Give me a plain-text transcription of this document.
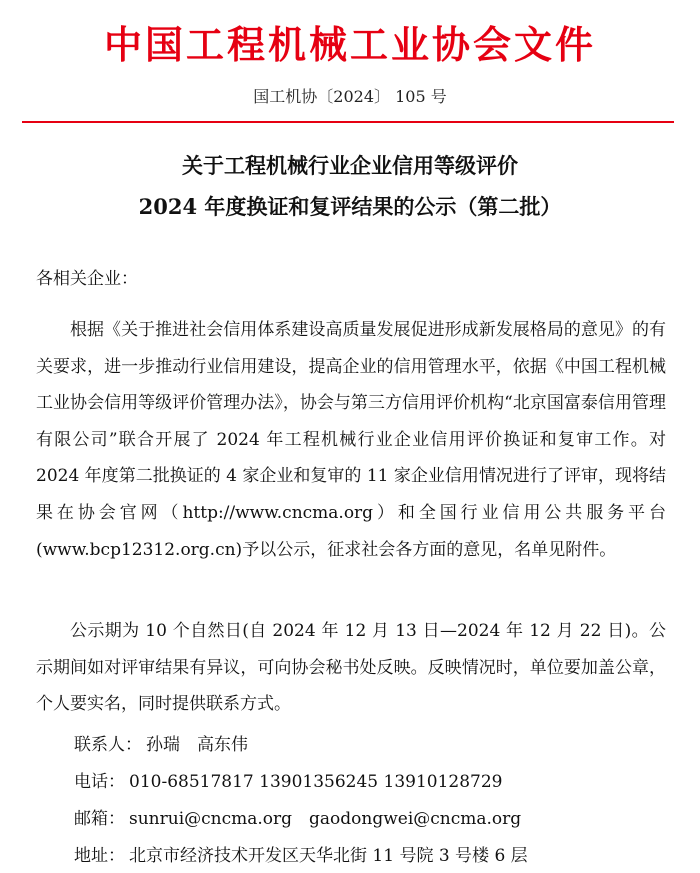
中国工程机械工业协会文件
国工机协〔2024〕 105 号
关于工程机械行业企业信用等级评价
2024 年度换证和复评结果的公示（第二批）
各相关企业：
根据《关于推进社会信用体系建设高质量发展促进形成新发展格局的意见》的有关要求，进一步推动行业信用建设，提高企业的信用管理水平，依据《中国工程机械工业协会信用等级评价管理办法》，协会与第三方信用评价机构“北京国富泰信用管理有限公司”联合开展了 2024 年工程机械行业企业信用评价换证和复审工作。对 2024 年度第二批换证的 4 家企业和复审的 11 家企业信用情况进行了评审，现将结果在协会官网（http://www.cncma.org）和全国行业信用公共服务平台(www.bcp12312.org.cn)予以公示，征求社会各方面的意见，名单见附件。
公示期为 10 个自然日(自 2024 年 12 月 13 日—2024 年 12 月 22 日)。公示期间如对评审结果有异议，可向协会秘书处反映。反映情况时，单位要加盖公章，个人要实名，同时提供联系方式。
联系人： 孙瑞　高东伟
电话： 010-68517817 13901356245 13910128729
邮箱： sunrui@cncma.org　gaodongwei@cncma.org
地址： 北京市经济技术开发区天华北街 11 号院 3 号楼 6 层
